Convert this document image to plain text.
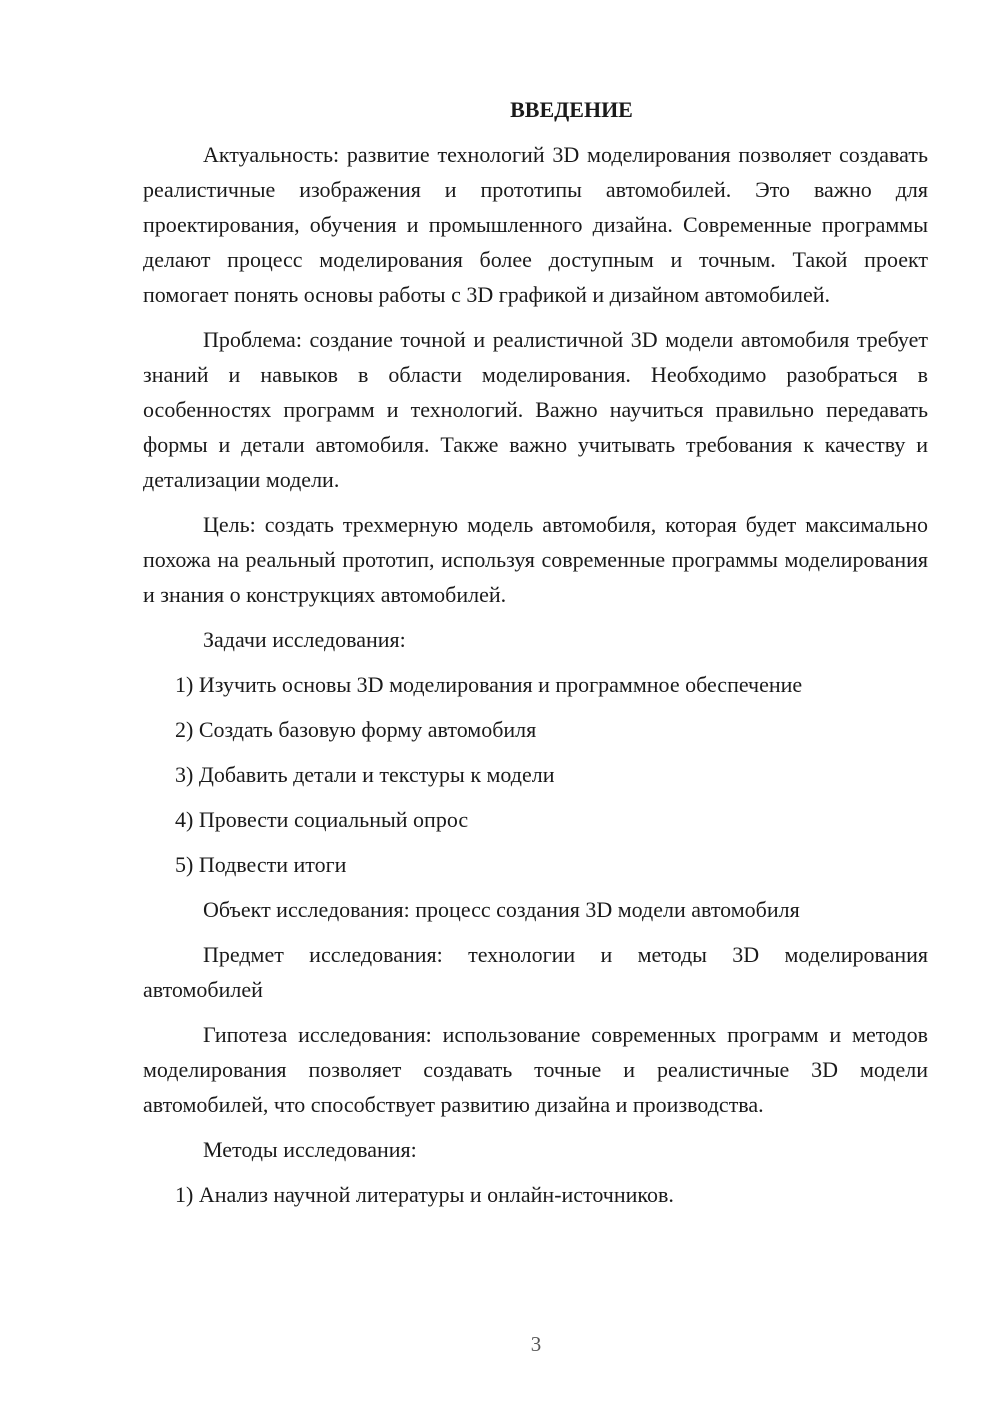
ВВЕДЕНИЕ

Актуальность: развитие технологий 3D моделирования позволяет создавать реалистичные изображения и прототипы автомобилей. Это важно для проектирования, обучения и промышленного дизайна. Современные программы делают процесс моделирования более доступным и точным. Такой проект помогает понять основы работы с 3D графикой и дизайном автомобилей.

Проблема: создание точной и реалистичной 3D модели автомобиля требует знаний и навыков в области моделирования. Необходимо разобраться в особенностях программ и технологий. Важно научиться правильно передавать формы и детали автомобиля. Также важно учитывать требования к качеству и детализации модели.

Цель: создать трехмерную модель автомобиля, которая будет максимально похожа на реальный прототип, используя современные программы моделирования и знания о конструкциях автомобилей.

Задачи исследования:

1) Изучить основы 3D моделирования и программное обеспечение

2) Создать базовую форму автомобиля

3) Добавить детали и текстуры к модели

4) Провести социальный опрос

5) Подвести итоги

Объект исследования: процесс создания 3D модели автомобиля

Предмет исследования: технологии и методы 3D моделирования автомобилей

Гипотеза исследования: использование современных программ и методов моделирования позволяет создавать точные и реалистичные 3D модели автомобилей, что способствует развитию дизайна и производства.

Методы исследования:

1) Анализ научной литературы и онлайн-источников.

3
